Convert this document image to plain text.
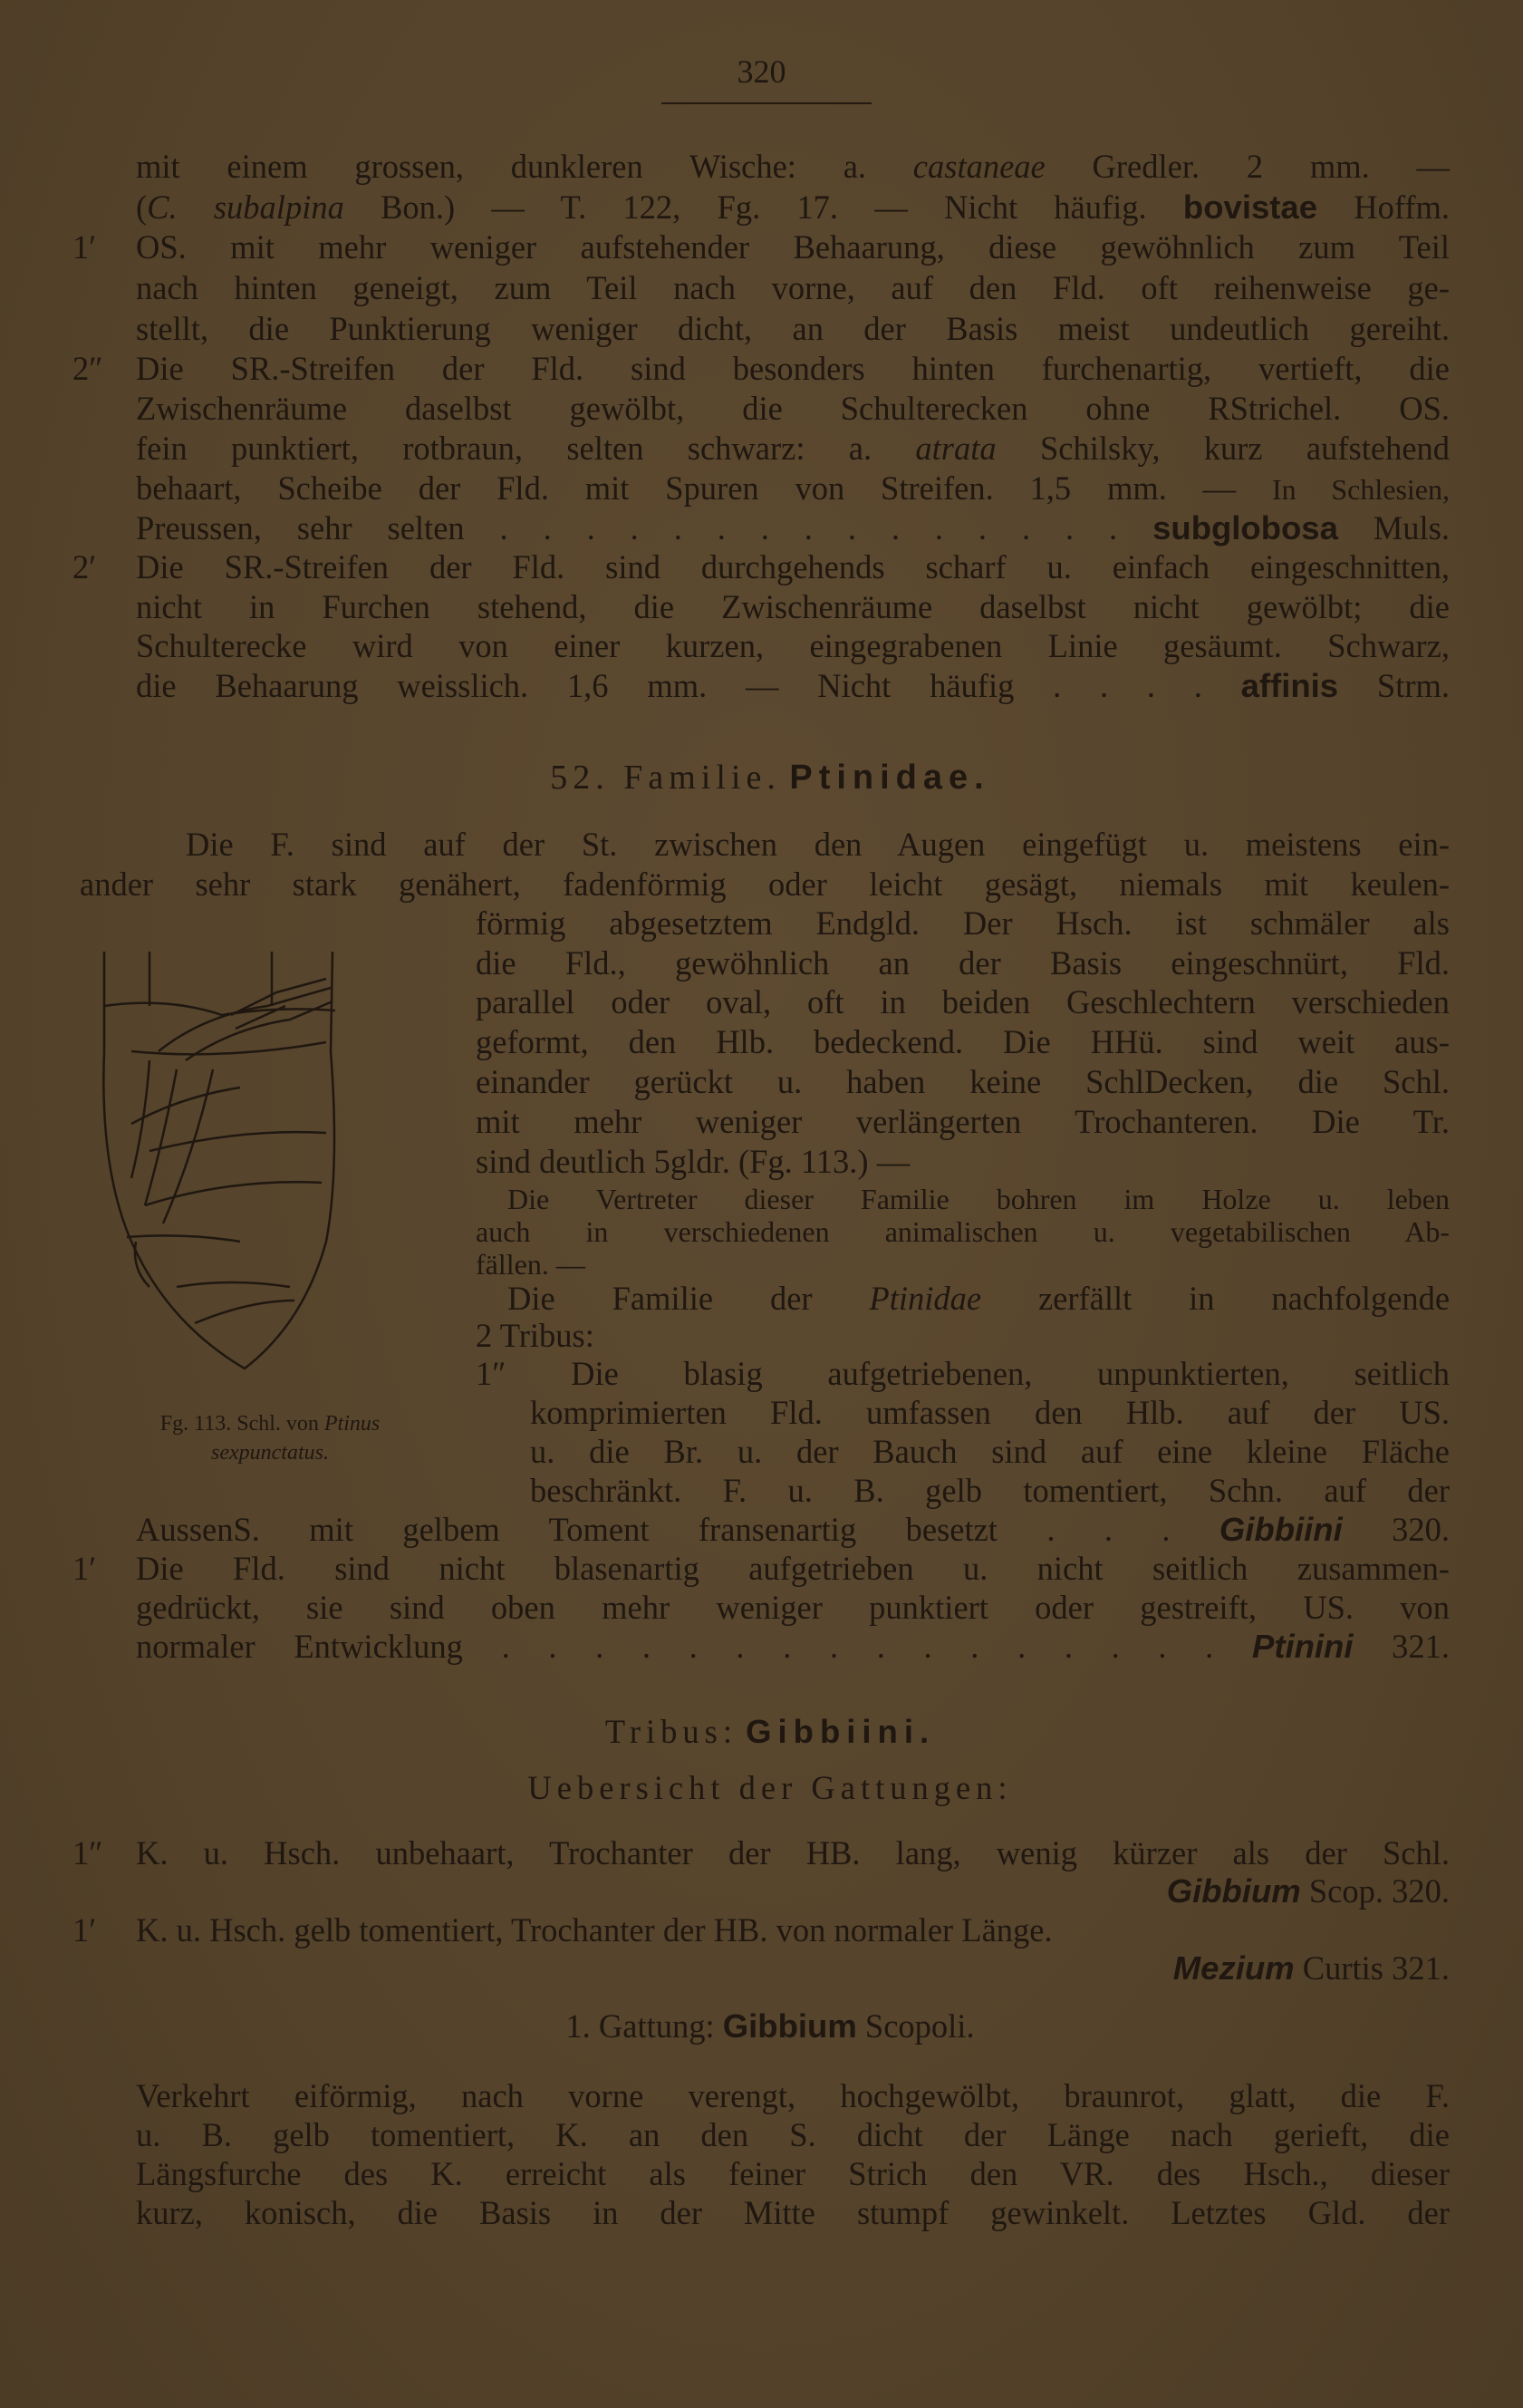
320
mit einem grossen, dunkleren Wische: a. castaneae Gredler. 2 mm. —
(C. subalpina Bon.) — T. 122, Fg. 17. — Nicht häufig. bovistae Hoffm.
1′	OS. mit mehr weniger aufstehender Behaarung, diese gewöhnlich zum Teil
nach hinten geneigt, zum Teil nach vorne, auf den Fld. oft reihenweise ge-
stellt, die Punktierung weniger dicht, an der Basis meist undeutlich gereiht.
2″	Die SR.-Streifen der Fld. sind besonders hinten furchenartig, vertieft, die
Zwischenräume daselbst gewölbt, die Schulterecken ohne RStrichel. OS.
fein punktiert, rotbraun, selten schwarz: a. atrata Schilsky, kurz aufstehend
behaart, Scheibe der Fld. mit Spuren von Streifen. 1,5 mm. — In Schlesien,
Preussen, sehr selten . . . . . . . . . . . . . . . subglobosa Muls.
2′	Die SR.-Streifen der Fld. sind durchgehends scharf u. einfach eingeschnitten,
nicht in Furchen stehend, die Zwischenräume daselbst nicht gewölbt; die
Schulterecke wird von einer kurzen, eingegrabenen Linie gesäumt. Schwarz,
die Behaarung weisslich. 1,6 mm. — Nicht häufig . . . . affinis Strm.
52. Familie. Ptinidae.
Die F. sind auf der St. zwischen den Augen eingefügt u. meistens ein-
ander sehr stark genähert, fadenförmig oder leicht gesägt, niemals mit keulen-
förmig abgesetztem Endgld. Der Hsch. ist schmäler als
die Fld., gewöhnlich an der Basis eingeschnürt, Fld.
parallel oder oval, oft in beiden Geschlechtern verschieden
geformt, den Hlb. bedeckend. Die HHü. sind weit aus-
einander gerückt u. haben keine SchlDecken, die Schl.
mit mehr weniger verlängerten Trochanteren. Die Tr.
sind deutlich 5gldr. (Fg. 113.) —
Die Vertreter dieser Familie bohren im Holze u. leben
auch in verschiedenen animalischen u. vegetabilischen Ab-
fällen. —
Die Familie der Ptinidae zerfällt in nachfolgende
2 Tribus:
1″ Die blasig aufgetriebenen, unpunktierten, seitlich
komprimierten Fld. umfassen den Hlb. auf der US.
u. die Br. u. der Bauch sind auf eine kleine Fläche
beschränkt. F. u. B. gelb tomentiert, Schn. auf der
AussenS. mit gelbem Toment fransenartig besetzt . . . Gibbiini 320.
1′	Die Fld. sind nicht blasenartig aufgetrieben u. nicht seitlich zusammen-
gedrückt, sie sind oben mehr weniger punktiert oder gestreift, US. von
normaler Entwicklung . . . . . . . . . . . . . . . . Ptinini 321.
Tribus: Gibbiini.
Uebersicht der Gattungen:
1″	K. u. Hsch. unbehaart, Trochanter der HB. lang, wenig kürzer als der Schl.
Gibbium Scop. 320.
1′	K. u. Hsch. gelb tomentiert, Trochanter der HB. von normaler Länge.
Mezium Curtis 321.
1. Gattung: Gibbium Scopoli.
Verkehrt eiförmig, nach vorne verengt, hochgewölbt, braunrot, glatt, die F.
u. B. gelb tomentiert, K. an den S. dicht der Länge nach gerieft, die
Längsfurche des K. erreicht als feiner Strich den VR. des Hsch., dieser
kurz, konisch, die Basis in der Mitte stumpf gewinkelt. Letztes Gld. der
Fg. 113. Schl. von Ptinus
sexpunctatus.
